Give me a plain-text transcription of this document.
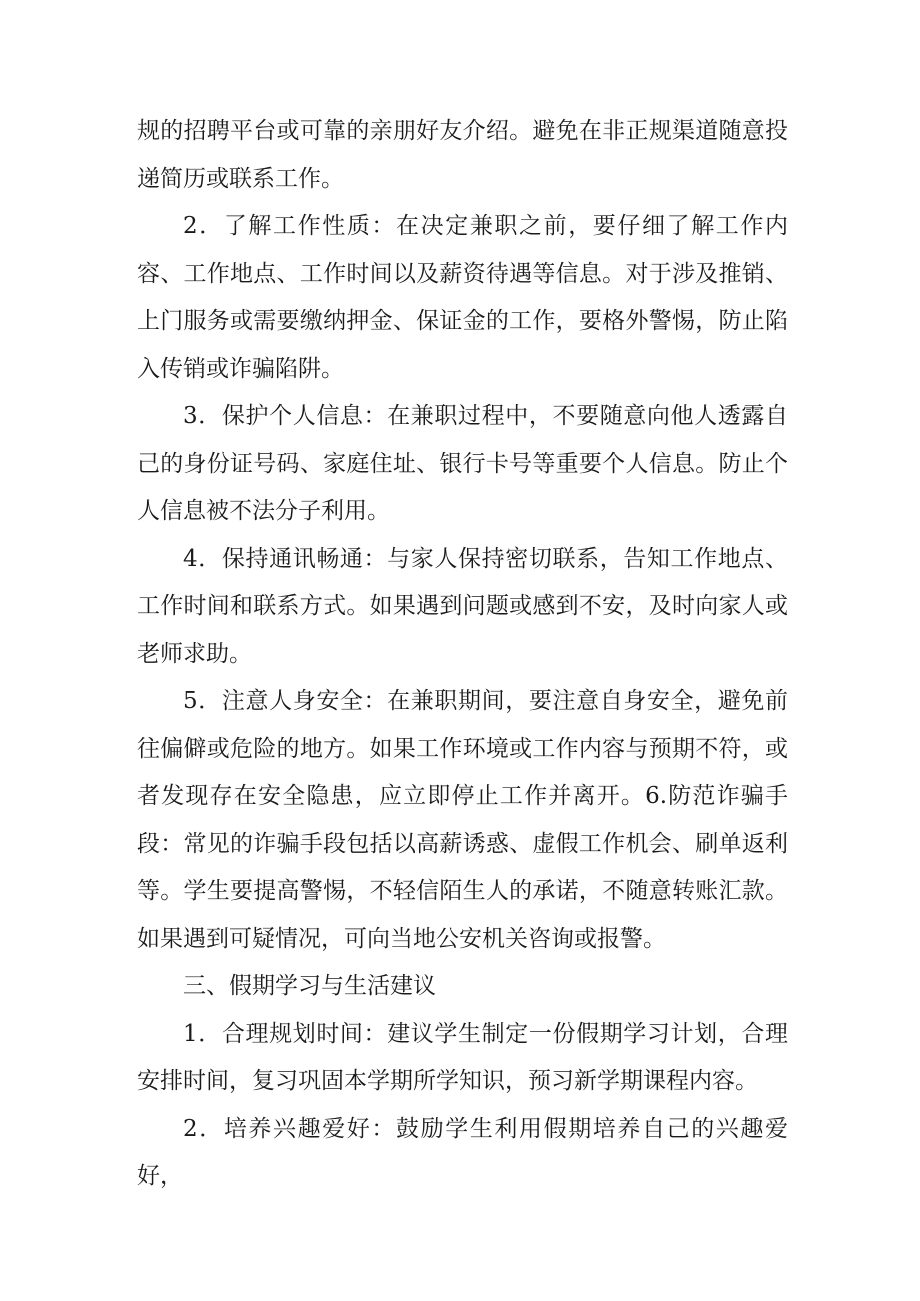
规的招聘平台或可靠的亲朋好友介绍。避免在非正规渠道随意投递简历或联系工作。

2．了解工作性质：在决定兼职之前，要仔细了解工作内容、工作地点、工作时间以及薪资待遇等信息。对于涉及推销、上门服务或需要缴纳押金、保证金的工作，要格外警惕，防止陷入传销或诈骗陷阱。

3．保护个人信息：在兼职过程中，不要随意向他人透露自己的身份证号码、家庭住址、银行卡号等重要个人信息。防止个人信息被不法分子利用。

4．保持通讯畅通：与家人保持密切联系，告知工作地点、工作时间和联系方式。如果遇到问题或感到不安，及时向家人或老师求助。

5．注意人身安全：在兼职期间，要注意自身安全，避免前往偏僻或危险的地方。如果工作环境或工作内容与预期不符，或者发现存在安全隐患，应立即停止工作并离开。6.防范诈骗手段：常见的诈骗手段包括以高薪诱惑、虚假工作机会、刷单返利等。学生要提高警惕，不轻信陌生人的承诺，不随意转账汇款。如果遇到可疑情况，可向当地公安机关咨询或报警。

三、假期学习与生活建议

1．合理规划时间：建议学生制定一份假期学习计划，合理安排时间，复习巩固本学期所学知识，预习新学期课程内容。

2．培养兴趣爱好：鼓励学生利用假期培养自己的兴趣爱好，
